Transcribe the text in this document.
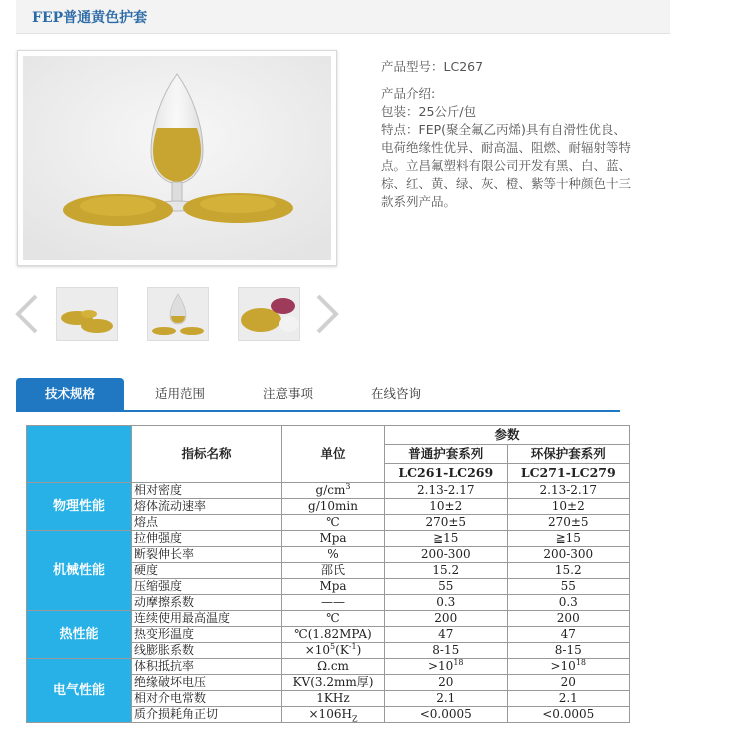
FEP普通黄色护套
产品型号：LC267
产品介绍:
包装：25公斤/包
特点：FEP(聚全氟乙丙烯)具有自滑性优良、
电荷绝缘性优异、耐高温、阻燃、耐辐射等特
点。立昌氟塑料有限公司开发有黑、白、蓝、
棕、红、黄、绿、灰、橙、紫等十种颜色十三
款系列产品。
技术规格	适用范围	注意事项	在线咨询
	指标名称	单位	参数	
			普通护套系列	环保护套系列
			LC261-LC269	LC271-LC279
物理性能	相对密度	$g/cm^3$	2.13-2.17	2.13-2.17
	熔体流动速率	g/10min	10±2	10±2
	熔点	℃	270±5	270±5
机械性能	拉伸强度	Mpa	≧15	≧15
	断裂伸长率	%	200-300	200-300
	硬度	邵氏	15.2	15.2
	压缩强度	Mpa	55	55
	动摩擦系数	——	0.3	0.3
热性能	连续使用最高温度	℃	200	200
	热变形温度	℃(1.82MPA)	47	47
	线膨胀系数	$\times 10^5(K^{-1})$	8-15	8-15
电气性能	体积抵抗率	Ω.cm	$>10^{18}$	$>10^{18}$
	绝缘破坏电压	KV(3.2mm厚)	20	20
	相对介电常数	1KHz	2.1	2.1
	质介损耗角正切	$\times 106H_Z$	<0.0005	<0.0005
